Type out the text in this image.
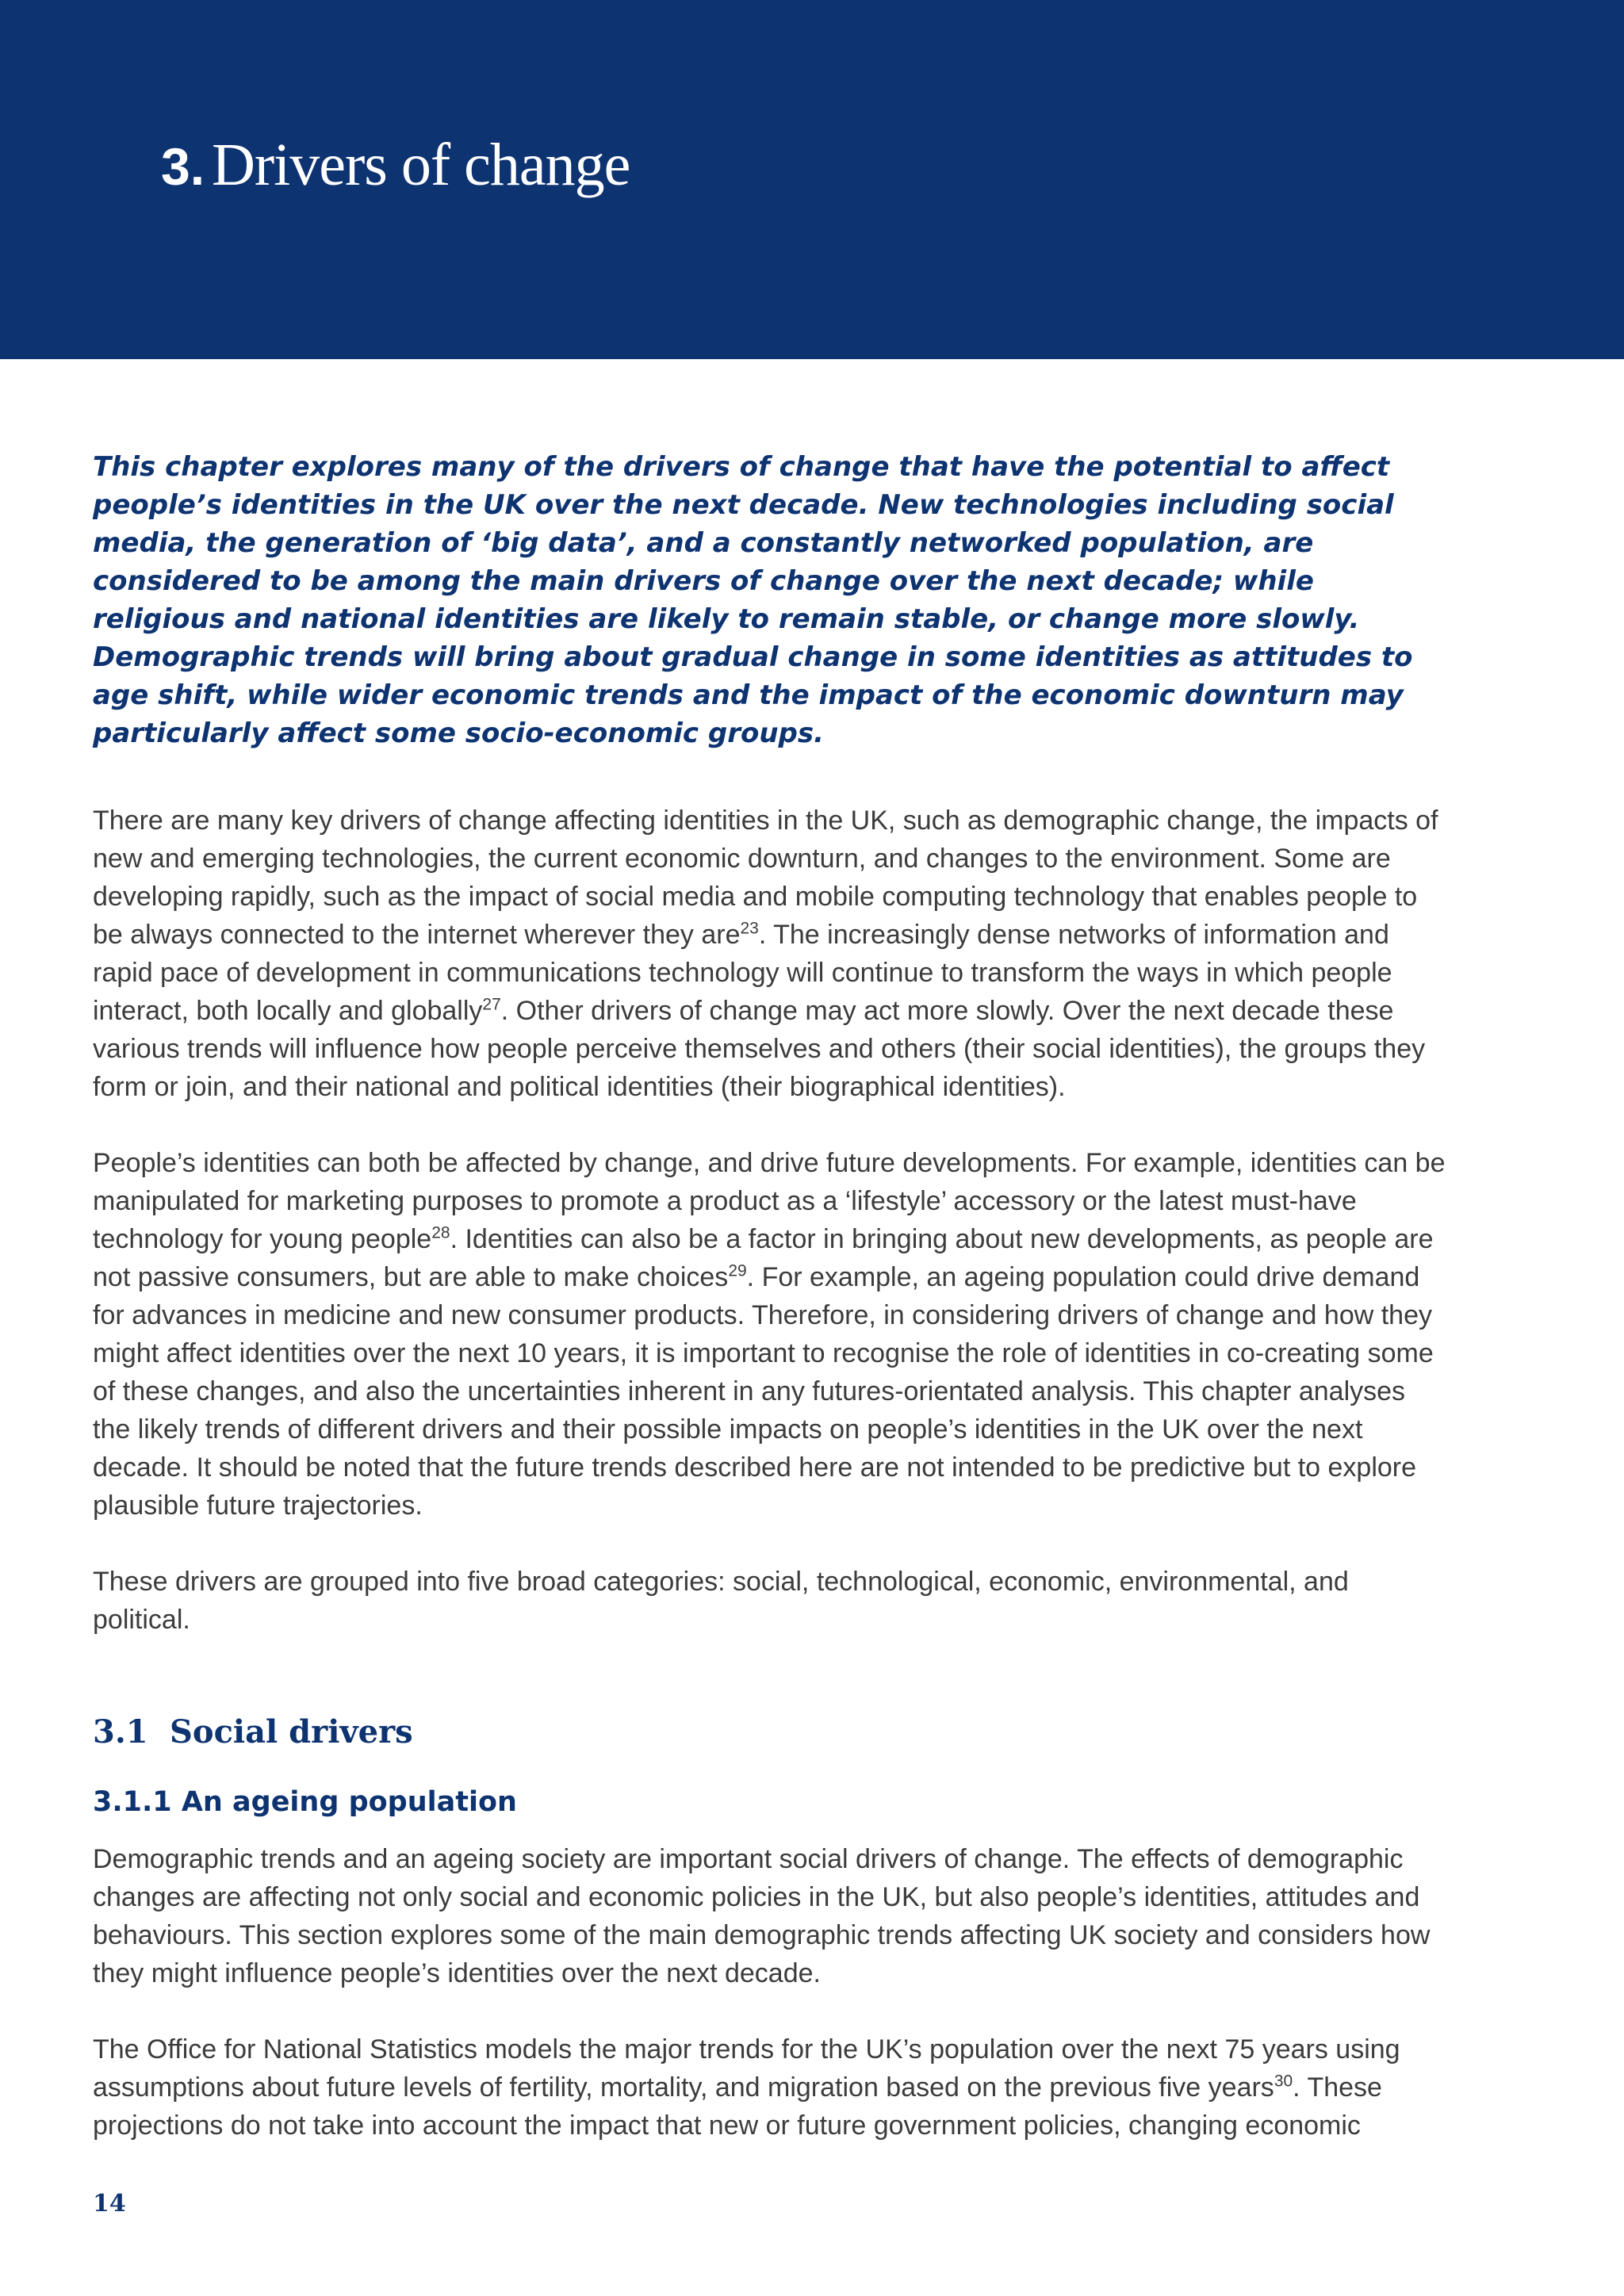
3. Drivers of change

This chapter explores many of the drivers of change that have the potential to affect people’s identities in the UK over the next decade. New technologies including social media, the generation of ‘big data’, and a constantly networked population, are considered to be among the main drivers of change over the next decade; while religious and national identities are likely to remain stable, or change more slowly. Demographic trends will bring about gradual change in some identities as attitudes to age shift, while wider economic trends and the impact of the economic downturn may particularly affect some socio-economic groups.

There are many key drivers of change affecting identities in the UK, such as demographic change, the impacts of new and emerging technologies, the current economic downturn, and changes to the environment. Some are developing rapidly, such as the impact of social media and mobile computing technology that enables people to be always connected to the internet wherever they are$^{23}$. The increasingly dense networks of information and rapid pace of development in communications technology will continue to transform the ways in which people interact, both locally and globally$^{27}$. Other drivers of change may act more slowly. Over the next decade these various trends will influence how people perceive themselves and others (their social identities), the groups they form or join, and their national and political identities (their biographical identities).

People’s identities can both be affected by change, and drive future developments. For example, identities can be manipulated for marketing purposes to promote a product as a ‘lifestyle’ accessory or the latest must-have technology for young people$^{28}$. Identities can also be a factor in bringing about new developments, as people are not passive consumers, but are able to make choices$^{29}$. For example, an ageing population could drive demand for advances in medicine and new consumer products. Therefore, in considering drivers of change and how they might affect identities over the next 10 years, it is important to recognise the role of identities in co-creating some of these changes, and also the uncertainties inherent in any futures-orientated analysis. This chapter analyses the likely trends of different drivers and their possible impacts on people’s identities in the UK over the next decade. It should be noted that the future trends described here are not intended to be predictive but to explore plausible future trajectories.

These drivers are grouped into five broad categories: social, technological, economic, environmental, and political.

3.1 Social drivers
3.1.1 An ageing population

Demographic trends and an ageing society are important social drivers of change. The effects of demographic changes are affecting not only social and economic policies in the UK, but also people’s identities, attitudes and behaviours. This section explores some of the main demographic trends affecting UK society and considers how they might influence people’s identities over the next decade.

The Office for National Statistics models the major trends for the UK’s population over the next 75 years using assumptions about future levels of fertility, mortality, and migration based on the previous five years$^{30}$. These projections do not take into account the impact that new or future government policies, changing economic

14
